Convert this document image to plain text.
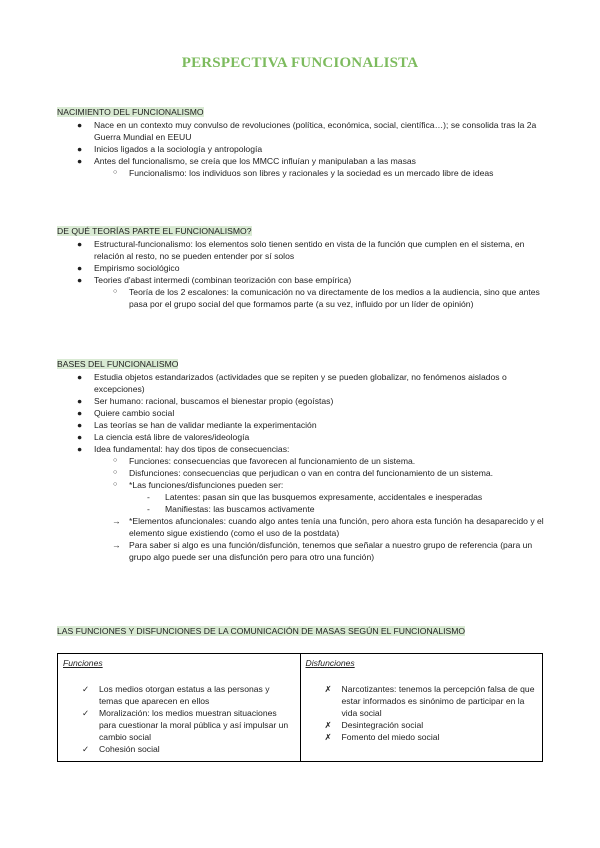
PERSPECTIVA FUNCIONALISTA
NACIMIENTO DEL FUNCIONALISMO
● Nace en un contexto muy convulso de revoluciones (política, económica, social, científica…); se consolida tras la 2a Guerra Mundial en EEUU
● Inicios ligados a la sociología y antropología
● Antes del funcionalismo, se creía que los MMCC influían y manipulaban a las masas
○ Funcionalismo: los individuos son libres y racionales y la sociedad es un mercado libre de ideas
DE QUÉ TEORÍAS PARTE EL FUNCIONALISMO?
● Estructural-funcionalismo: los elementos solo tienen sentido en vista de la función que cumplen en el sistema, en relación al resto, no se pueden entender por sí solos
● Empirismo sociológico
● Teories d'abast intermedi (combinan teorización con base empírica)
○ Teoría de los 2 escalones: la comunicación no va directamente de los medios a la audiencia, sino que antes pasa por el grupo social del que formamos parte (a su vez, influido por un líder de opinión)
BASES DEL FUNCIONALISMO
● Estudia objetos estandarizados (actividades que se repiten y se pueden globalizar, no fenómenos aislados o excepciones)
● Ser humano: racional, buscamos el bienestar propio (egoístas)
● Quiere cambio social
● Las teorías se han de validar mediante la experimentación
● La ciencia está libre de valores/ideología
● Idea fundamental: hay dos tipos de consecuencias:
○ Funciones: consecuencias que favorecen al funcionamiento de un sistema.
○ Disfunciones: consecuencias que perjudican o van en contra del funcionamiento de un sistema.
○ *Las funciones/disfunciones pueden ser:
- Latentes: pasan sin que las busquemos expresamente, accidentales e inesperadas
- Manifiestas: las buscamos activamente
→ *Elementos afuncionales: cuando algo antes tenía una función, pero ahora esta función ha desaparecido y el elemento sigue existiendo (como el uso de la postdata)
→ Para saber si algo es una función/disfunción, tenemos que señalar a nuestro grupo de referencia (para un grupo algo puede ser una disfunción pero para otro una función)
LAS FUNCIONES Y DISFUNCIONES DE LA COMUNICACIÓN DE MASAS SEGÚN EL FUNCIONALISMO
Funciones
✓ Los medios otorgan estatus a las personas y temas que aparecen en ellos
✓ Moralización: los medios muestran situaciones para cuestionar la moral pública y así impulsar un cambio social
✓ Cohesión social

Disfunciones
✗ Narcotizantes: tenemos la percepción falsa de que estar informados es sinónimo de participar en la vida social
✗ Desintegración social
✗ Fomento del miedo social
